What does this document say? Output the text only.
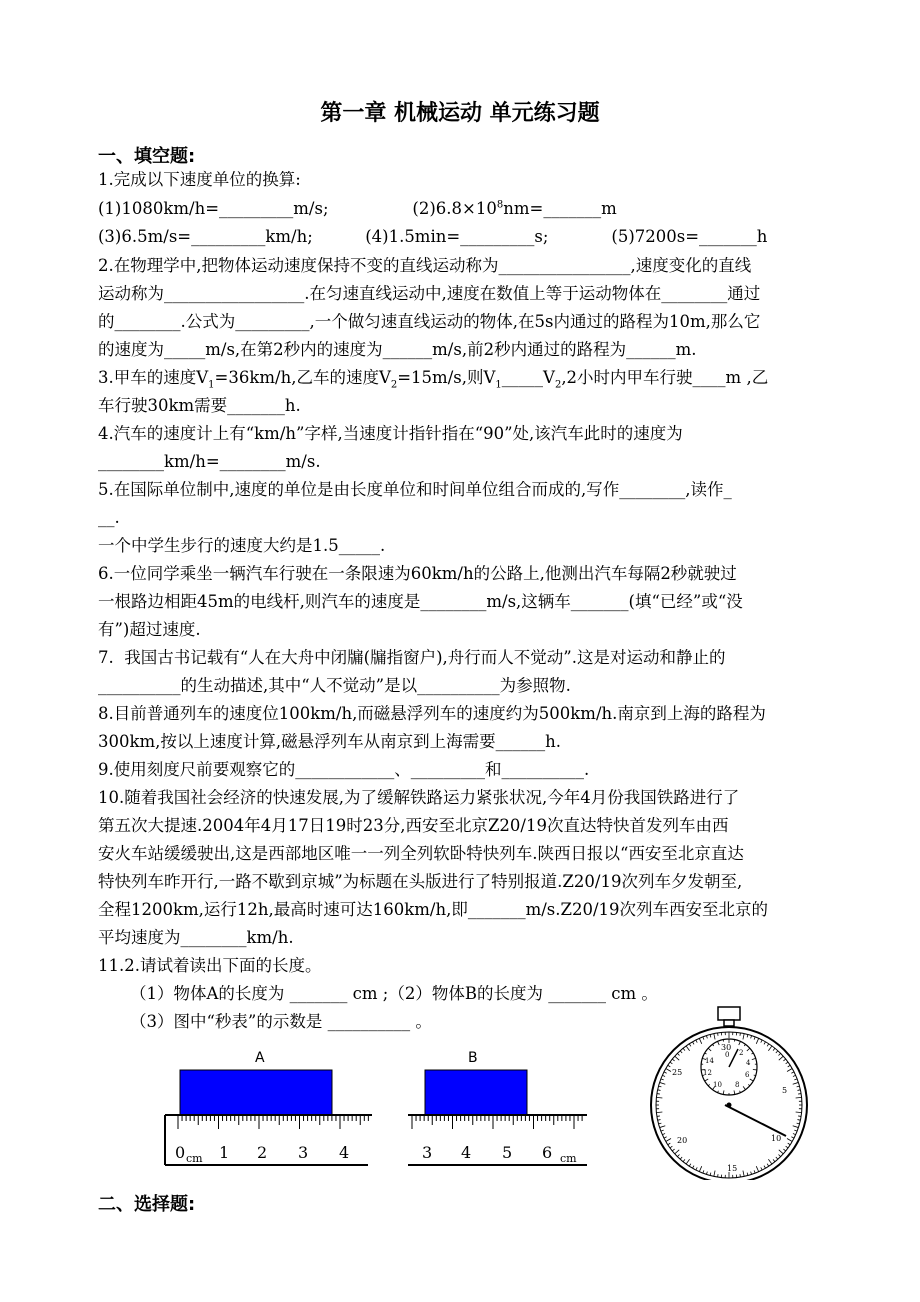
第一章 机械运动 单元练习题
一、填空题:
1.完成以下速度单位的换算:
(1)1080km/h=_________m/s;                $(2)6.8\times 10^8nm=\_\_\_\_\_\_\_m$
(3)6.5m/s=_________km/h;          (4)1.5min=_________s;            (5)7200s=_______h
2.在物理学中,把物体运动速度保持不变的直线运动称为________________,速度变化的直线
运动称为_________________.在匀速直线运动中,速度在数值上等于运动物体在________通过
的________.公式为_________,一个做匀速直线运动的物体,在5s内通过的路程为10m,那么它
的速度为_____m/s,在第2秒内的速度为______m/s,前2秒内通过的路程为______m.
3.甲车的速度$V_1=36km/h$,乙车的速度$V_2=15m/s$,则$V_1\_\_\_\_\_V_2,2$小时内甲车行驶____m ,乙
车行驶30km需要_______h.
4.汽车的速度计上有“km/h”字样,当速度计指针指在“90”处,该汽车此时的速度为
________km/h=________m/s.
5.在国际单位制中,速度的单位是由长度单位和时间单位组合而成的,写作________,读作_
__.
一个中学生步行的速度大约是1.5_____.
6.一位同学乘坐一辆汽车行驶在一条限速为60km/h的公路上,他测出汽车每隔2秒就驶过
一根路边相距45m的电线杆,则汽车的速度是________m/s,这辆车_______(填“已经”或“没
有”)超过速度.
7.  我国古书记载有“人在大舟中闭牖(牖指窗户),舟行而人不觉动”.这是对运动和静止的
__________的生动描述,其中“人不觉动”是以__________为参照物.
8.目前普通列车的速度位100km/h,而磁悬浮列车的速度约为500km/h.南京到上海的路程为
300km,按以上速度计算,磁悬浮列车从南京到上海需要______h.
9.使用刻度尺前要观察它的____________、_________和__________.
10.随着我国社会经济的快速发展,为了缓解铁路运力紧张状况,今年4月份我国铁路进行了
第五次大提速.2004年4月17日19时23分,西安至北京Z20/19次直达特快首发列车由西
安火车站缓缓驶出,这是西部地区唯一一列全列软卧特快列车.陕西日报以“西安至北京直达
特快列车昨开行,一路不歇到京城”为标题在头版进行了特别报道.Z20/19次列车夕发朝至,
全程1200km,运行12h,最高时速可达160km/h,即_______m/s.Z20/19次列车西安至北京的
平均速度为________km/h.
11.2.请试着读出下面的长度。
（1）物体A的长度为 _______ cm ;（2）物体B的长度为 _______ cm 。
（3）图中“秒表”的示数是 __________ 。
A
0 cm 1 2 3 4
B
3 4 5 6 cm
0
14
12
10 8
6
4
2
30
25
20
15
10
5
二、选择题:
